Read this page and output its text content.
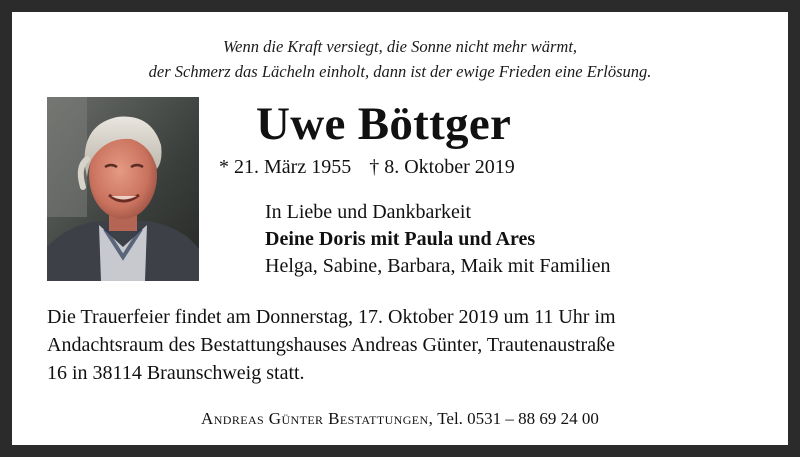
Wenn die Kraft versiegt, die Sonne nicht mehr wärmt,
der Schmerz das Lächeln einholt, dann ist der ewige Frieden eine Erlösung.
Uwe Böttger
* 21. März 1955 † 8. Oktober 2019
In Liebe und Dankbarkeit
Deine Doris mit Paula und Ares
Helga, Sabine, Barbara, Maik mit Familien
Die Trauerfeier findet am Donnerstag, 17. Oktober 2019 um 11 Uhr im
Andachtsraum des Bestattungshauses Andreas Günter, Trautenaustraße
16 in 38114 Braunschweig statt.
Andreas Günter Bestattungen, Tel. 0531 – 88 69 24 00
